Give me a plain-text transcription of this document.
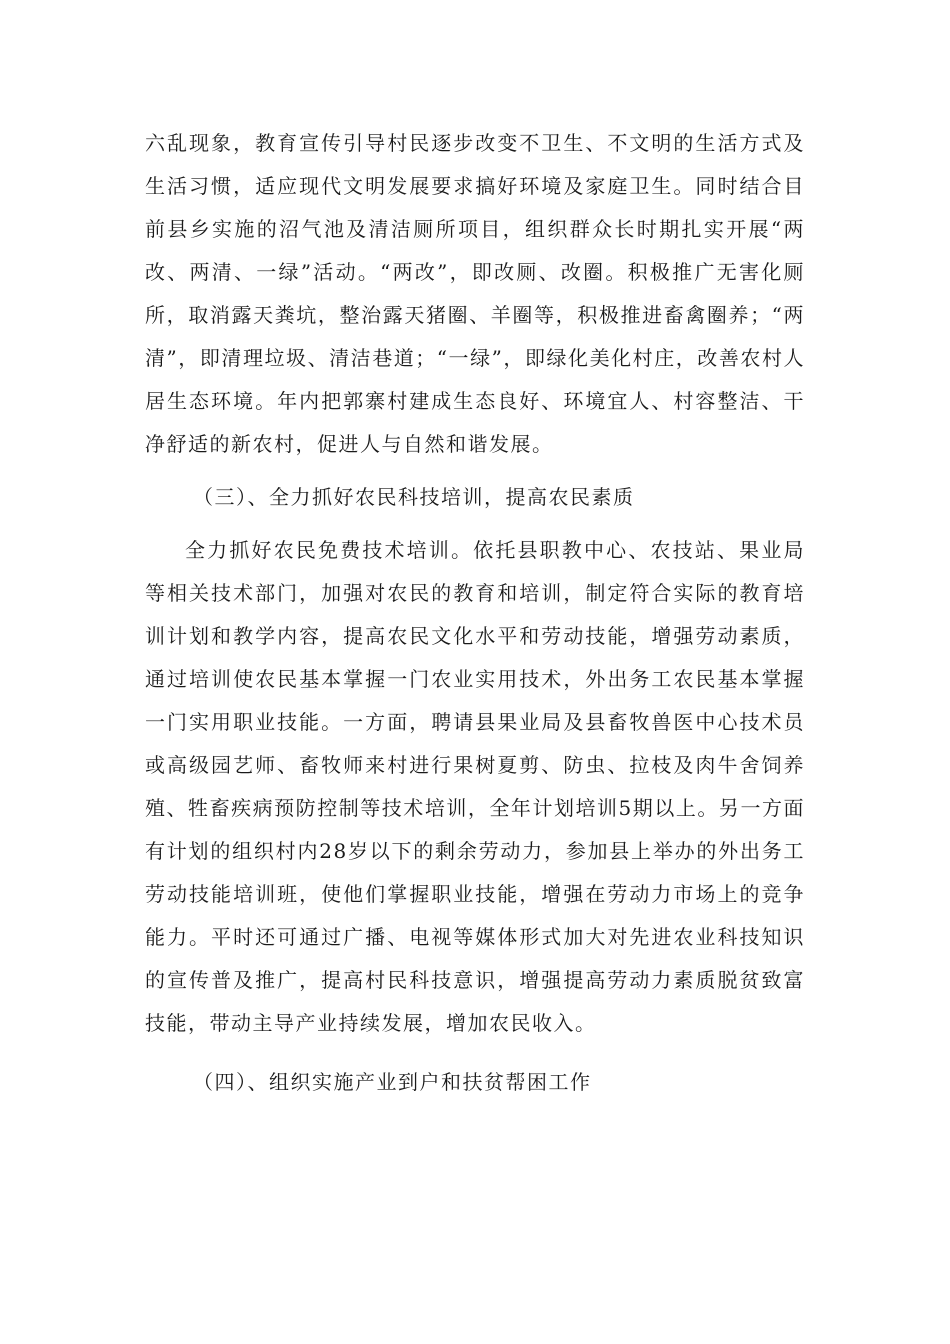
六乱现象，教育宣传引导村民逐步改变不卫生、不文明的生活方式及生活习惯，适应现代文明发展要求搞好环境及家庭卫生。同时结合目前县乡实施的沼气池及清洁厕所项目，组织群众长时期扎实开展“两改、两清、一绿”活动。“两改”，即改厕、改圈。积极推广无害化厕所，取消露天粪坑，整治露天猪圈、羊圈等，积极推进畜禽圈养；“两清”，即清理垃圾、清洁巷道；“一绿”，即绿化美化村庄，改善农村人居生态环境。年内把郭寨村建成生态良好、环境宜人、村容整洁、干净舒适的新农村，促进人与自然和谐发展。

（三）、全力抓好农民科技培训，提高农民素质

全力抓好农民免费技术培训。依托县职教中心、农技站、果业局等相关技术部门，加强对农民的教育和培训，制定符合实际的教育培训计划和教学内容，提高农民文化水平和劳动技能，增强劳动素质，通过培训使农民基本掌握一门农业实用技术，外出务工农民基本掌握一门实用职业技能。一方面，聘请县果业局及县畜牧兽医中心技术员或高级园艺师、畜牧师来村进行果树夏剪、防虫、拉枝及肉牛舍饲养殖、牲畜疾病预防控制等技术培训，全年计划培训5期以上。另一方面有计划的组织村内28岁以下的剩余劳动力，参加县上举办的外出务工劳动技能培训班，使他们掌握职业技能，增强在劳动力市场上的竞争能力。平时还可通过广播、电视等媒体形式加大对先进农业科技知识的宣传普及推广，提高村民科技意识，增强提高劳动力素质脱贫致富技能，带动主导产业持续发展，增加农民收入。

（四）、组织实施产业到户和扶贫帮困工作
